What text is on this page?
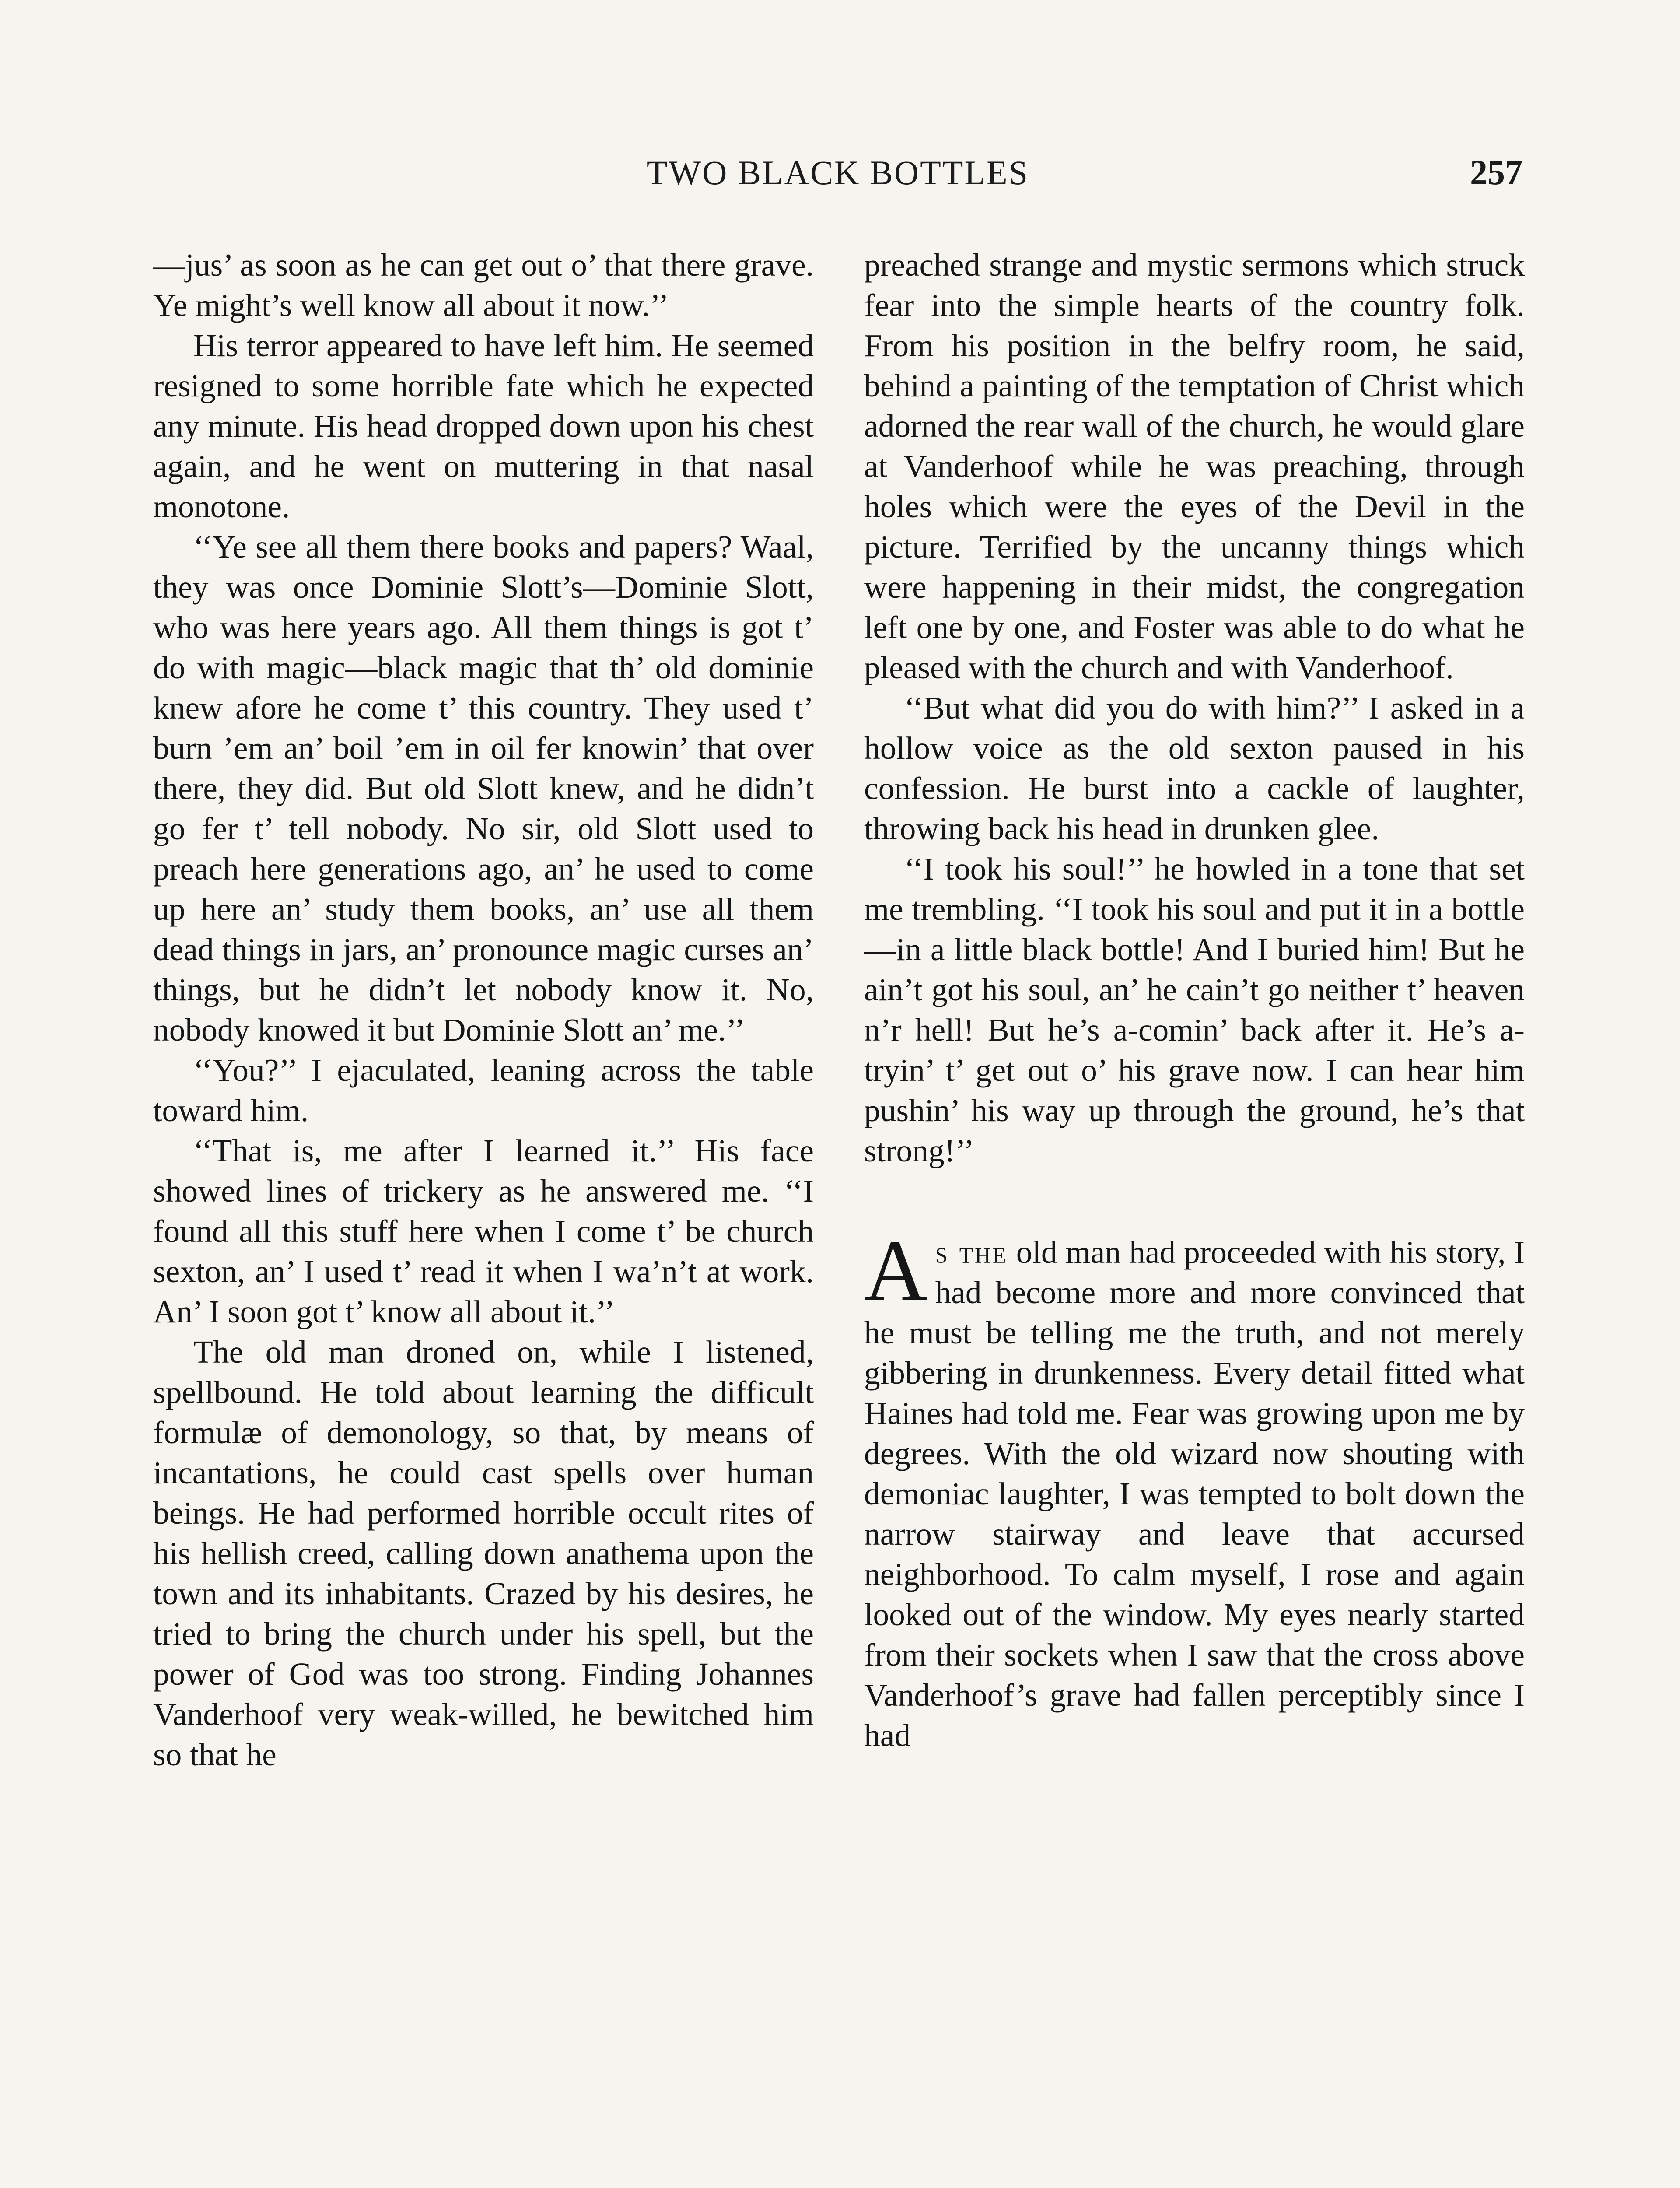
TWO BLACK BOTTLES	257

—jus’ as soon as he can get out o’ that there grave. Ye might’s well know all about it now.’’

His terror appeared to have left him. He seemed resigned to some horrible fate which he expected any minute. His head dropped down upon his chest again, and he went on muttering in that nasal monotone.

‘‘Ye see all them there books and papers? Waal, they was once Dominie Slott’s—Dominie Slott, who was here years ago. All them things is got t’ do with magic—black magic that th’ old dominie knew afore he come t’ this country. They used t’ burn ’em an’ boil ’em in oil fer knowin’ that over there, they did. But old Slott knew, and he didn’t go fer t’ tell nobody. No sir, old Slott used to preach here generations ago, an’ he used to come up here an’ study them books, an’ use all them dead things in jars, an’ pronounce magic curses an’ things, but he didn’t let nobody know it. No, nobody knowed it but Dominie Slott an’ me.’’

‘‘You?’’ I ejaculated, leaning across the table toward him.

‘‘That is, me after I learned it.’’ His face showed lines of trickery as he answered me. ‘‘I found all this stuff here when I come t’ be church sexton, an’ I used t’ read it when I wa’n’t at work. An’ I soon got t’ know all about it.’’

The old man droned on, while I listened, spellbound. He told about learning the difficult formulæ of demonology, so that, by means of incantations, he could cast spells over human beings. He had performed horrible occult rites of his hellish creed, calling down anathema upon the town and its inhabitants. Crazed by his desires, he tried to bring the church under his spell, but the power of God was too strong. Finding Johannes Vanderhoof very weak-willed, he bewitched him so that he

preached strange and mystic sermons which struck fear into the simple hearts of the country folk. From his position in the belfry room, he said, behind a painting of the temptation of Christ which adorned the rear wall of the church, he would glare at Vanderhoof while he was preaching, through holes which were the eyes of the Devil in the picture. Terrified by the uncanny things which were happening in their midst, the congregation left one by one, and Foster was able to do what he pleased with the church and with Vanderhoof.

‘‘But what did you do with him?’’ I asked in a hollow voice as the old sexton paused in his confession. He burst into a cackle of laughter, throwing back his head in drunken glee.

‘‘I took his soul!’’ he howled in a tone that set me trembling. ‘‘I took his soul and put it in a bottle—in a little black bottle! And I buried him! But he ain’t got his soul, an’ he cain’t go neither t’ heaven n’r hell! But he’s a-comin’ back after it. He’s a-tryin’ t’ get out o’ his grave now. I can hear him pushin’ his way up through the ground, he’s that strong!’’

As the old man had proceeded with his story, I had become more and more convinced that he must be telling me the truth, and not merely gibbering in drunkenness. Every detail fitted what Haines had told me. Fear was growing upon me by degrees. With the old wizard now shouting with demoniac laughter, I was tempted to bolt down the narrow stairway and leave that accursed neighborhood. To calm myself, I rose and again looked out of the window. My eyes nearly started from their sockets when I saw that the cross above Vanderhoof’s grave had fallen perceptibly since I had
